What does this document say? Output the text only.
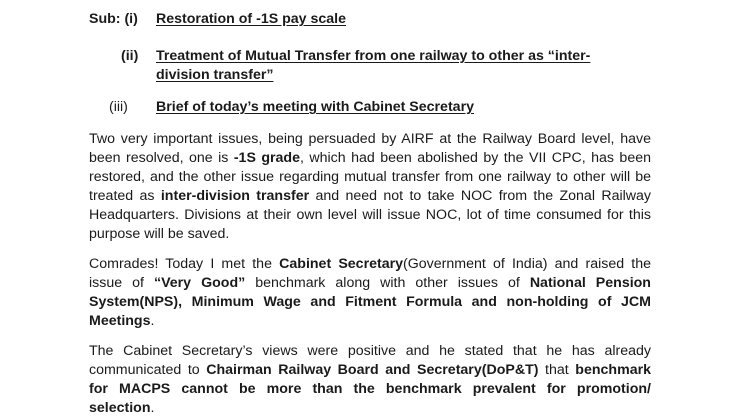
Sub: (i) Restoration of -1S pay scale
(ii) Treatment of Mutual Transfer from one railway to other as “inter-
division transfer”
(iii) Brief of today’s meeting with Cabinet Secretary
Two very important issues, being persuaded by AIRF at the Railway Board level, have
been resolved, one is -1S grade, which had been abolished by the VII CPC, has been
restored, and the other issue regarding mutual transfer from one railway to other will be
treated as inter-division transfer and need not to take NOC from the Zonal Railway
Headquarters. Divisions at their own level will issue NOC, lot of time consumed for this
purpose will be saved.
Comrades! Today I met the Cabinet Secretary(Government of India) and raised the
issue of “Very Good” benchmark along with other issues of National Pension
System(NPS), Minimum Wage and Fitment Formula and non-holding of JCM
Meetings.
The Cabinet Secretary’s views were positive and he stated that he has already
communicated to Chairman Railway Board and Secretary(DoP&T) that benchmark
for MACPS cannot be more than the benchmark prevalent for promotion/
selection.
